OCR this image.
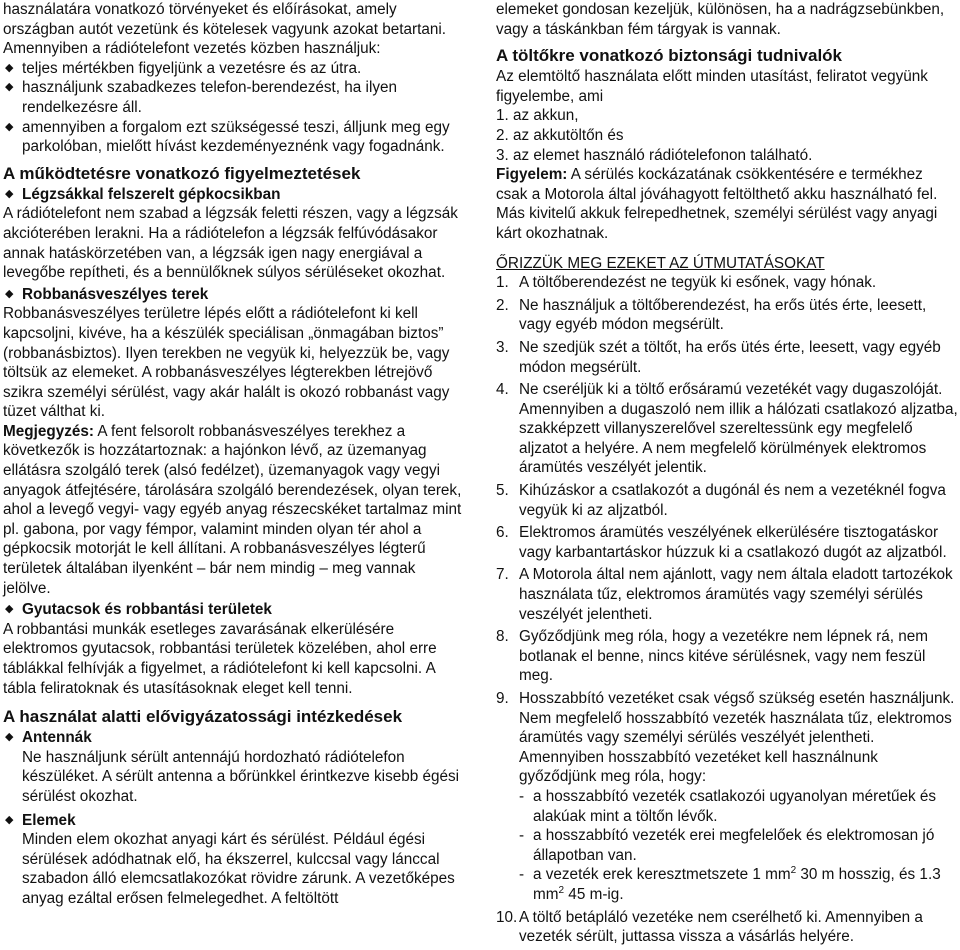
használatára vonatkozó törvényeket és előírásokat, amely

országban autót vezetünk és kötelesek vagyunk azokat betartani.

Amennyiben a rádiótelefont vezetés közben használjuk:

◆ teljes mértékben figyeljünk a vezetésre és az útra.

◆ használjunk szabadkezes telefon-berendezést, ha ilyen rendelkezésre áll.

◆ amennyiben a forgalom ezt szükségessé teszi, álljunk meg egy parkolóban, mielőtt hívást kezdeményeznénk vagy fogadnánk.

A működtetésre vonatkozó figyelmeztetések

◆ Légzsákkal felszerelt gépkocsikban

A rádiótelefont nem szabad a légzsák feletti részen, vagy a légzsák akcióterében lerakni. Ha a rádiótelefon a légzsák felfúvódásakor annak hatáskörzetében van, a légzsák igen nagy energiával a levegőbe repítheti, és a bennülőknek súlyos sérüléseket okozhat.

◆ Robbanásveszélyes terek

Robbanásveszélyes területre lépés előtt a rádiótelefont ki kell kapcsoljni, kivéve, ha a készülék speciálisan „önmagában biztos” (robbanásbiztos). Ilyen terekben ne vegyük ki, helyezzük be, vagy töltsük az elemeket. A robbanásveszélyes légterekben létrejövő szikra személyi sérülést, vagy akár halált is okozó robbanást vagy tüzet válthat ki.

Megjegyzés: A fent felsorolt robbanásveszélyes terekhez a következők is hozzátartoznak: a hajónkon lévő, az üzemanyag ellátásra szolgáló terek (alsó fedélzet), üzemanyagok vagy vegyi anyagok átfejtésére, tárolására szolgáló berendezések, olyan terek, ahol a levegő vegyi- vagy egyéb anyag részecskéket tartalmaz mint pl. gabona, por vagy fémpor, valamint minden olyan tér ahol a gépkocsik motorját le kell állítani. A robbanásveszélyes légterű területek általában ilyenként – bár nem mindig – meg vannak jelölve.

◆ Gyutacsok és robbantási területek

A robbantási munkák esetleges zavarásának elkerülésére elektromos gyutacsok, robbantási területek közelében, ahol erre táblákkal felhívják a figyelmet, a rádiótelefont ki kell kapcsolni. A tábla feliratoknak és utasításoknak eleget kell tenni.

A használat alatti elővigyázatossági intézkedések

◆ Antennák

Ne használjunk sérült antennájú hordozható rádiótelefon készüléket. A sérült antenna a bőrünkkel érintkezve kisebb égési sérülést okozhat.

◆ Elemek

Minden elem okozhat anyagi kárt és sérülést. Például égési sérülések adódhatnak elő, ha ékszerrel, kulccsal vagy lánccal szabadon álló elemcsatlakozókat rövidre zárunk. A vezetőképes anyag ezáltal erősen felmelegedhet. A feltöltött

elemeket gondosan kezeljük, különösen, ha a nadrágzsebünkben, vagy a táskánkban fém tárgyak is vannak.

A töltőkre vonatkozó biztonsági tudnivalók

Az elemtöltő használata előtt minden utasítást, feliratot vegyünk figyelembe, ami

1. az akkun,

2. az akkutöltőn és

3. az elemet használó rádiótelefonon található.

Figyelem: A sérülés kockázatának csökkentésére e termékhez csak a Motorola által jóváhagyott feltölthető akku használható fel. Más kivitelű akkuk felrepedhetnek, személyi sérülést vagy anyagi kárt okozhatnak.

ŐRIZZÜK MEG EZEKET AZ ÚTMUTATÁSOKAT

1. A töltőberendezést ne tegyük ki esőnek, vagy hónak.
2. Ne használjuk a töltőberendezést, ha erős ütés érte, leesett, vagy egyéb módon megsérült.
3. Ne szedjük szét a töltőt, ha erős ütés érte, leesett, vagy egyéb módon megsérült.
4. Ne cseréljük ki a töltő erősáramú vezetékét vagy dugaszolóját. Amennyiben a dugaszoló nem illik a hálózati csatlakozó aljzatba, szakképzett villanyszerelővel szereltessünk egy megfelelő aljzatot a helyére. A nem megfelelő körülmények elektromos áramütés veszélyét jelentik.
5. Kihúzáskor a csatlakozót a dugónál és nem a vezetéknél fogva vegyük ki az aljzatból.
6. Elektromos áramütés veszélyének elkerülésére tisztogatáskor vagy karbantartáskor húzzuk ki a csatlakozó dugót az aljzatból.
7. A Motorola által nem ajánlott, vagy nem általa eladott tartozékok használata tűz, elektromos áramütés vagy személyi sérülés veszélyét jelentheti.
8. Győződjünk meg róla, hogy a vezetékre nem lépnek rá, nem botlanak el benne, nincs kitéve sérülésnek, vagy nem feszül meg.
9. Hosszabbító vezetéket csak végső szükség esetén használjunk. Nem megfelelő hosszabbító vezeték használata tűz, elektromos áramütés vagy személyi sérülés veszélyét jelentheti. Amennyiben hosszabbító vezetéket kell használnunk győződjünk meg róla, hogy:
- a hosszabbító vezeték csatlakozói ugyanolyan méretűek és alakúak mint a töltőn lévők.
- a hosszabbító vezeték erei megfelelőek és elektromosan jó állapotban van.
- a vezeték erek keresztmetszete 1 $mm^2$ 30 m hosszig, és 1.3 $mm^2$ 45 m-ig.
10. A töltő betápláló vezetéke nem cserélhető ki. Amennyiben a vezeték sérült, juttassa vissza a vásárlás helyére.
